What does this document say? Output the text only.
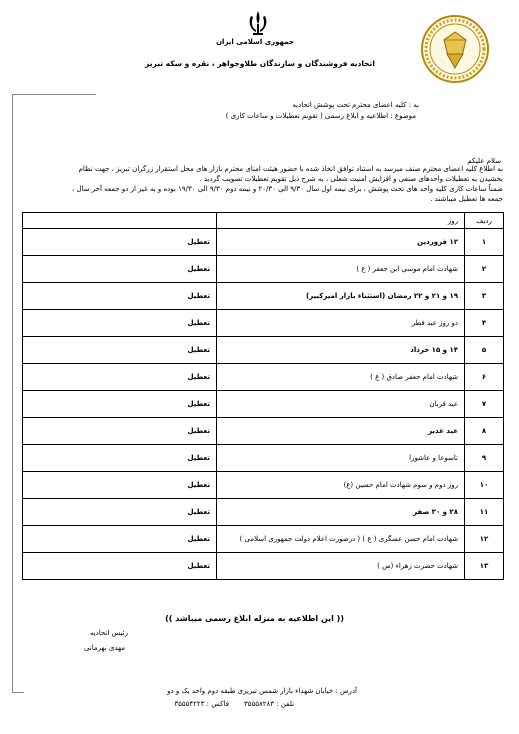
جمهوری اسلامی ایران
اتحادیه فروشندگان و سازندگان طلاوجواهر ، نقره و سکه تبریز
به : کلیه اعضای محترم تحت پوشش اتحادیه
موضوع : اطلاعیه و ابلاغ رسمی ( تقویم تعطیلات و ساعات کاری )
سلام علیکم
به اطلاع کلیه اعضای محترم صنف میرسد به استناد توافق اتخاذ شده با حضور هیئت امنای محترم بازار های محل استقرار زرگران تبریز ، جهت نظام
بخشیدن به تعطیلات واحدهای صنفی و افزایش امنیت شغلی ، به شرح ذیل تقویم تعطیلات تصویب گردید .
ضمناً ساعات کاری کلیه واحد های تحت پوشش ، برای نیمه اول سال ۹/۳۰ الی ۲۰/۳۰ و نیمه دوم ۹/۳۰ الی ۱۹/۳۰ بوده و به غیر از دو جمعه آخر سال ،
جمعه ها تعطیل میباشند .
ردیف	روز	
۱	۱۲ فروردین	تعطیل
۲	شهادت امام موسی ابن جعفر ( ع )	تعطیل
۳	۱۹ و ۲۱ و ۲۲ رمضان (استثناء بازار امیرکبیر)	تعطیل
۴	دو روز عید فطر	تعطیل
۵	۱۴ و ۱۵ خرداد	تعطیل
۶	شهادت امام جعفر صادق ( ع )	تعطیل
۷	عید قربان	تعطیل
۸	عید غدیر	تعطیل
۹	تاسوعا و عاشورا	تعطیل
۱۰	روز دوم و سوم شهادت امام حسین (ع)	تعطیل
۱۱	۲۸ و ۳۰ صفر	تعطیل
۱۲	شهادت امام حسن عسگری ( ع ) ( درصورت اعلام دولت جمهوری اسلامی )	تعطیل
۱۳	شهادت حضرت زهراء (س )	تعطیل
(( این اطلاعیه به منزله ابلاغ رسمی میباشد ))
رئیس اتحادیه
مهدی بهرمانی
آدرس : خیابان شهداء بازار شمس تبریزی طبقه دوم واحد یک و دو
تلفن : ۳۵۵۵۸۲۸۳
فاکس : ۳۵۵۵۴۲۲۳
